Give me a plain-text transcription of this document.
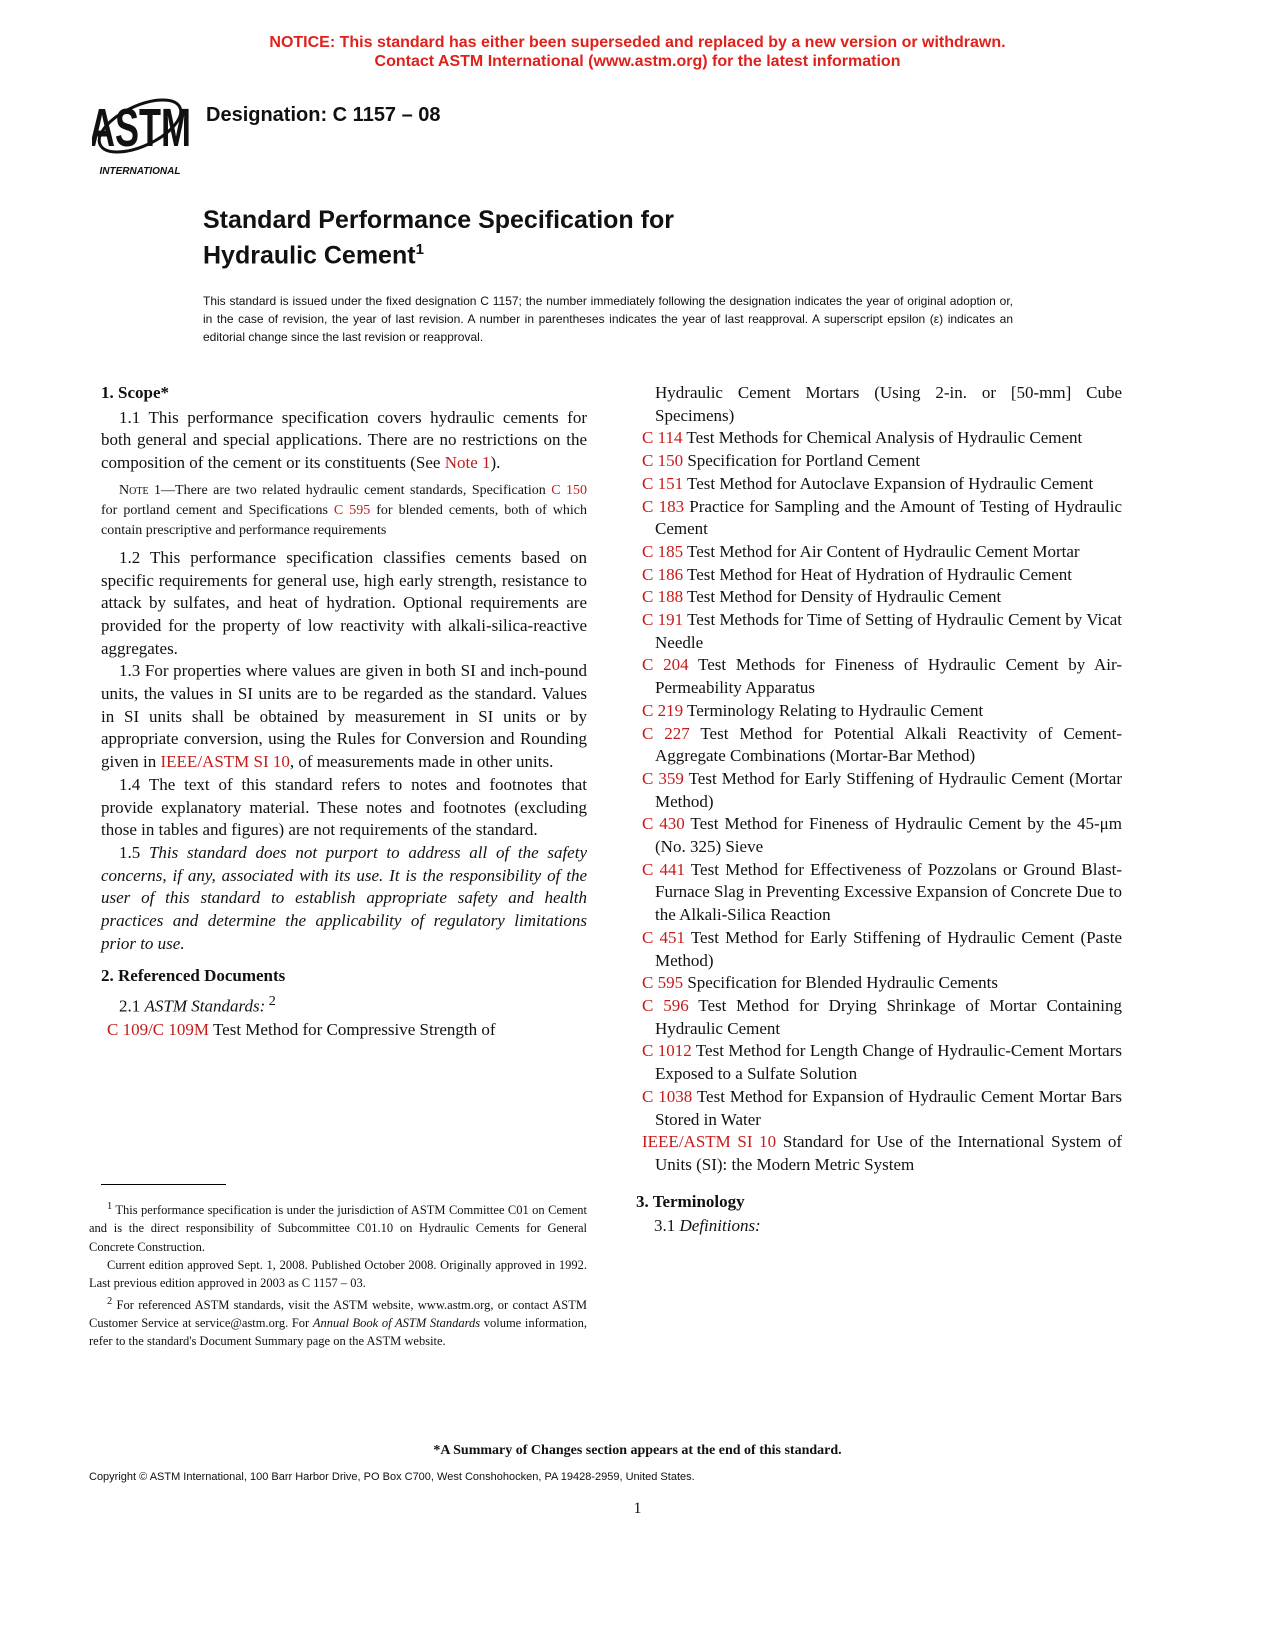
NOTICE: This standard has either been superseded and replaced by a new version or withdrawn.
Contact ASTM International (www.astm.org) for the latest information
ASTM
INTERNATIONAL
Designation: C 1157 – 08
Standard Performance Specification for
Hydraulic Cement$^1$
This standard is issued under the fixed designation C 1157; the number immediately following the designation indicates the year of original adoption or, in the case of revision, the year of last revision. A number in parentheses indicates the year of last reapproval. A superscript epsilon (ε) indicates an editorial change since the last revision or reapproval.
1. Scope*

1.1 This performance specification covers hydraulic cements for both general and special applications. There are no restrictions on the composition of the cement or its constituents (See Note 1).

Note 1—There are two related hydraulic cement standards, Specification C 150 for portland cement and Specifications C 595 for blended cements, both of which contain prescriptive and performance requirements

1.2 This performance specification classifies cements based on specific requirements for general use, high early strength, resistance to attack by sulfates, and heat of hydration. Optional requirements are provided for the property of low reactivity with alkali-silica-reactive aggregates.

1.3 For properties where values are given in both SI and inch-pound units, the values in SI units are to be regarded as the standard. Values in SI units shall be obtained by measurement in SI units or by appropriate conversion, using the Rules for Conversion and Rounding given in IEEE/ASTM SI 10, of measurements made in other units.

1.4 The text of this standard refers to notes and footnotes that provide explanatory material. These notes and footnotes (excluding those in tables and figures) are not requirements of the standard.

1.5 This standard does not purport to address all of the safety concerns, if any, associated with its use. It is the responsibility of the user of this standard to establish appropriate safety and health practices and determine the applicability of regulatory limitations prior to use.

2. Referenced Documents

2.1 ASTM Standards: $^2$

C 109/C 109M Test Method for Compressive Strength of
Hydraulic Cement Mortars (Using 2-in. or [50-mm] Cube Specimens)
C 114 Test Methods for Chemical Analysis of Hydraulic Cement
C 150 Specification for Portland Cement
C 151 Test Method for Autoclave Expansion of Hydraulic Cement
C 183 Practice for Sampling and the Amount of Testing of Hydraulic Cement
C 185 Test Method for Air Content of Hydraulic Cement Mortar
C 186 Test Method for Heat of Hydration of Hydraulic Cement
C 188 Test Method for Density of Hydraulic Cement
C 191 Test Methods for Time of Setting of Hydraulic Cement by Vicat Needle
C 204 Test Methods for Fineness of Hydraulic Cement by Air-Permeability Apparatus
C 219 Terminology Relating to Hydraulic Cement
C 227 Test Method for Potential Alkali Reactivity of Cement-Aggregate Combinations (Mortar-Bar Method)
C 359 Test Method for Early Stiffening of Hydraulic Cement (Mortar Method)
C 430 Test Method for Fineness of Hydraulic Cement by the 45-μm (No. 325) Sieve
C 441 Test Method for Effectiveness of Pozzolans or Ground Blast-Furnace Slag in Preventing Excessive Expansion of Concrete Due to the Alkali-Silica Reaction
C 451 Test Method for Early Stiffening of Hydraulic Cement (Paste Method)
C 595 Specification for Blended Hydraulic Cements
C 596 Test Method for Drying Shrinkage of Mortar Containing Hydraulic Cement
C 1012 Test Method for Length Change of Hydraulic-Cement Mortars Exposed to a Sulfate Solution
C 1038 Test Method for Expansion of Hydraulic Cement Mortar Bars Stored in Water
IEEE/ASTM SI 10 Standard for Use of the International System of Units (SI): the Modern Metric System
3. Terminology

3.1 Definitions:

$^1$ This performance specification is under the jurisdiction of ASTM Committee C01 on Cement and is the direct responsibility of Subcommittee C01.10 on Hydraulic Cements for General Concrete Construction.

Current edition approved Sept. 1, 2008. Published October 2008. Originally approved in 1992. Last previous edition approved in 2003 as C 1157 – 03.

$^2$ For referenced ASTM standards, visit the ASTM website, www.astm.org, or contact ASTM Customer Service at service@astm.org. For Annual Book of ASTM Standards volume information, refer to the standard's Document Summary page on the ASTM website.

*A Summary of Changes section appears at the end of this standard.
Copyright © ASTM International, 100 Barr Harbor Drive, PO Box C700, West Conshohocken, PA 19428-2959, United States.
1
